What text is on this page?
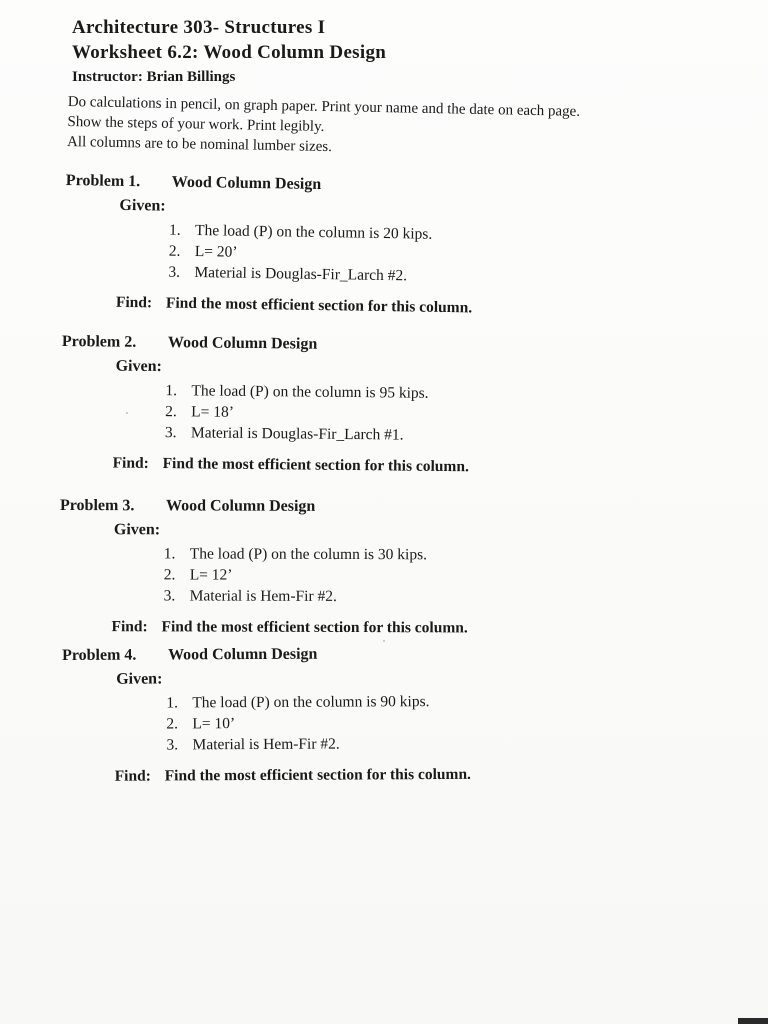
Architecture 303- Structures I

Worksheet 6.2: Wood Column Design

Instructor: Brian Billings

Do calculations in pencil, on graph paper. Print your name and the date on each page.

Show the steps of your work. Print legibly.

All columns are to be nominal lumber sizes.

Problem 1. Wood Column Design

Given:

1. The load (P) on the column is 20 kips.
2. L= 20’
3. Material is Douglas-Fir_Larch #2.
Find: Find the most efficient section for this column.
Problem 2. Wood Column Design

Given:

1. The load (P) on the column is 95 kips.
2. L= 18’
3. Material is Douglas-Fir_Larch #1.
Find: Find the most efficient section for this column.
Problem 3. Wood Column Design

Given:

1. The load (P) on the column is 30 kips.
2. L= 12’
3. Material is Hem-Fir #2.
Find: Find the most efficient section for this column.
Problem 4. Wood Column Design

Given:

1. The load (P) on the column is 90 kips.
2. L= 10’
3. Material is Hem-Fir #2.
Find: Find the most efficient section for this column.
